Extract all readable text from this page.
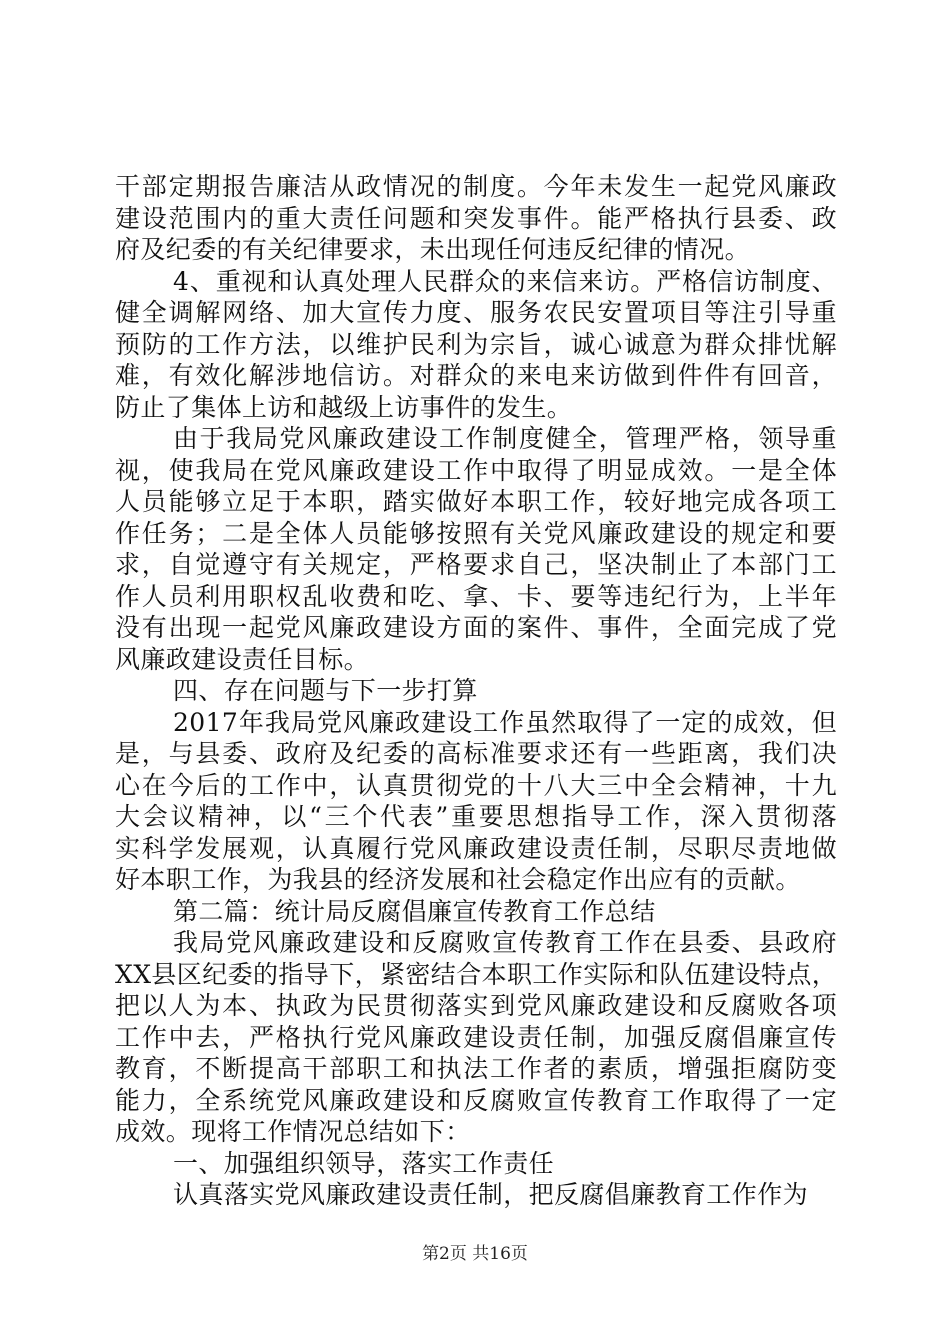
干部定期报告廉洁从政情况的制度。今年未发生一起党风廉政
建设范围内的重大责任问题和突发事件。能严格执行县委、政
府及纪委的有关纪律要求，未出现任何违反纪律的情况。
4、重视和认真处理人民群众的来信来访。严格信访制度、
健全调解网络、加大宣传力度、服务农民安置项目等注引导重
预防的工作方法，以维护民利为宗旨，诚心诚意为群众排忧解
难，有效化解涉地信访。对群众的来电来访做到件件有回音，
防止了集体上访和越级上访事件的发生。
由于我局党风廉政建设工作制度健全，管理严格，领导重
视，使我局在党风廉政建设工作中取得了明显成效。一是全体
人员能够立足于本职，踏实做好本职工作，较好地完成各项工
作任务；二是全体人员能够按照有关党风廉政建设的规定和要
求，自觉遵守有关规定，严格要求自己，坚决制止了本部门工
作人员利用职权乱收费和吃、拿、卡、要等违纪行为，上半年
没有出现一起党风廉政建设方面的案件、事件，全面完成了党
风廉政建设责任目标。
四、存在问题与下一步打算
2017年我局党风廉政建设工作虽然取得了一定的成效，但
是，与县委、政府及纪委的高标准要求还有一些距离，我们决
心在今后的工作中，认真贯彻党的十八大三中全会精神，十九
大会议精神，以“三个代表”重要思想指导工作，深入贯彻落
实科学发展观，认真履行党风廉政建设责任制，尽职尽责地做
好本职工作，为我县的经济发展和社会稳定作出应有的贡献。
第二篇：统计局反腐倡廉宣传教育工作总结
我局党风廉政建设和反腐败宣传教育工作在县委、县政府
XX县区纪委的指导下，紧密结合本职工作实际和队伍建设特点，
把以人为本、执政为民贯彻落实到党风廉政建设和反腐败各项
工作中去，严格执行党风廉政建设责任制，加强反腐倡廉宣传
教育，不断提高干部职工和执法工作者的素质，增强拒腐防变
能力，全系统党风廉政建设和反腐败宣传教育工作取得了一定
成效。现将工作情况总结如下：
一、加强组织领导，落实工作责任
认真落实党风廉政建设责任制，把反腐倡廉教育工作作为
第2页 共16页
